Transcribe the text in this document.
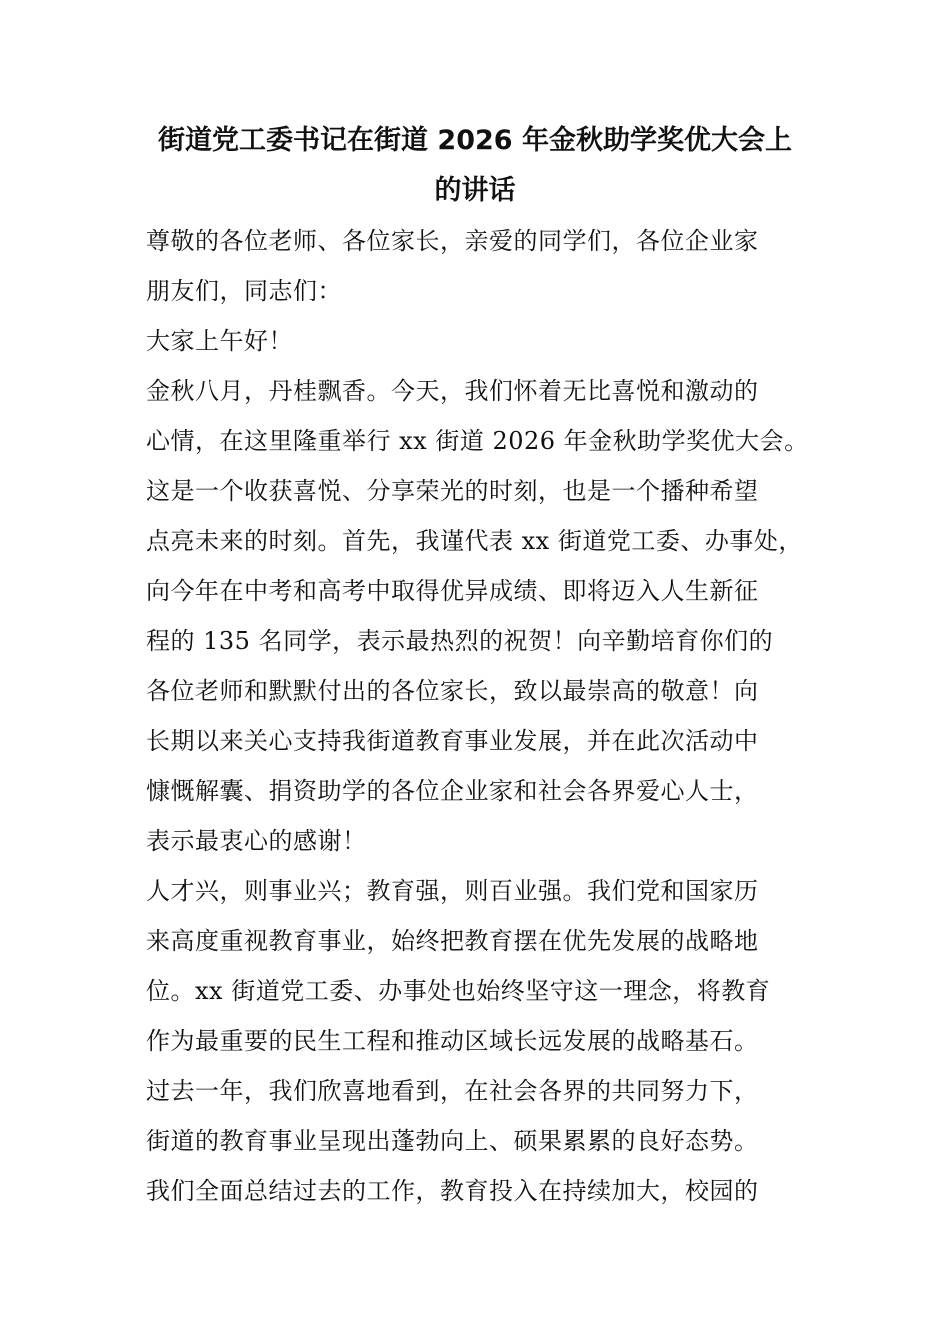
街道党工委书记在街道 2026 年金秋助学奖优大会上
的讲话

尊敬的各位老师、各位家长，亲爱的同学们，各位企业家

朋友们，同志们：

大家上午好！

金秋八月，丹桂飘香。今天，我们怀着无比喜悦和激动的

心情，在这里隆重举行 xx 街道 2026 年金秋助学奖优大会。

这是一个收获喜悦、分享荣光的时刻，也是一个播种希望

点亮未来的时刻。首先，我谨代表 xx 街道党工委、办事处，

向今年在中考和高考中取得优异成绩、即将迈入人生新征

程的 135 名同学，表示最热烈的祝贺！向辛勤培育你们的

各位老师和默默付出的各位家长，致以最崇高的敬意！向

长期以来关心支持我街道教育事业发展，并在此次活动中

慷慨解囊、捐资助学的各位企业家和社会各界爱心人士，

表示最衷心的感谢！

人才兴，则事业兴；教育强，则百业强。我们党和国家历

来高度重视教育事业，始终把教育摆在优先发展的战略地

位。xx 街道党工委、办事处也始终坚守这一理念，将教育

作为最重要的民生工程和推动区域长远发展的战略基石。

过去一年，我们欣喜地看到，在社会各界的共同努力下，

街道的教育事业呈现出蓬勃向上、硕果累累的良好态势。

我们全面总结过去的工作，教育投入在持续加大，校园的
